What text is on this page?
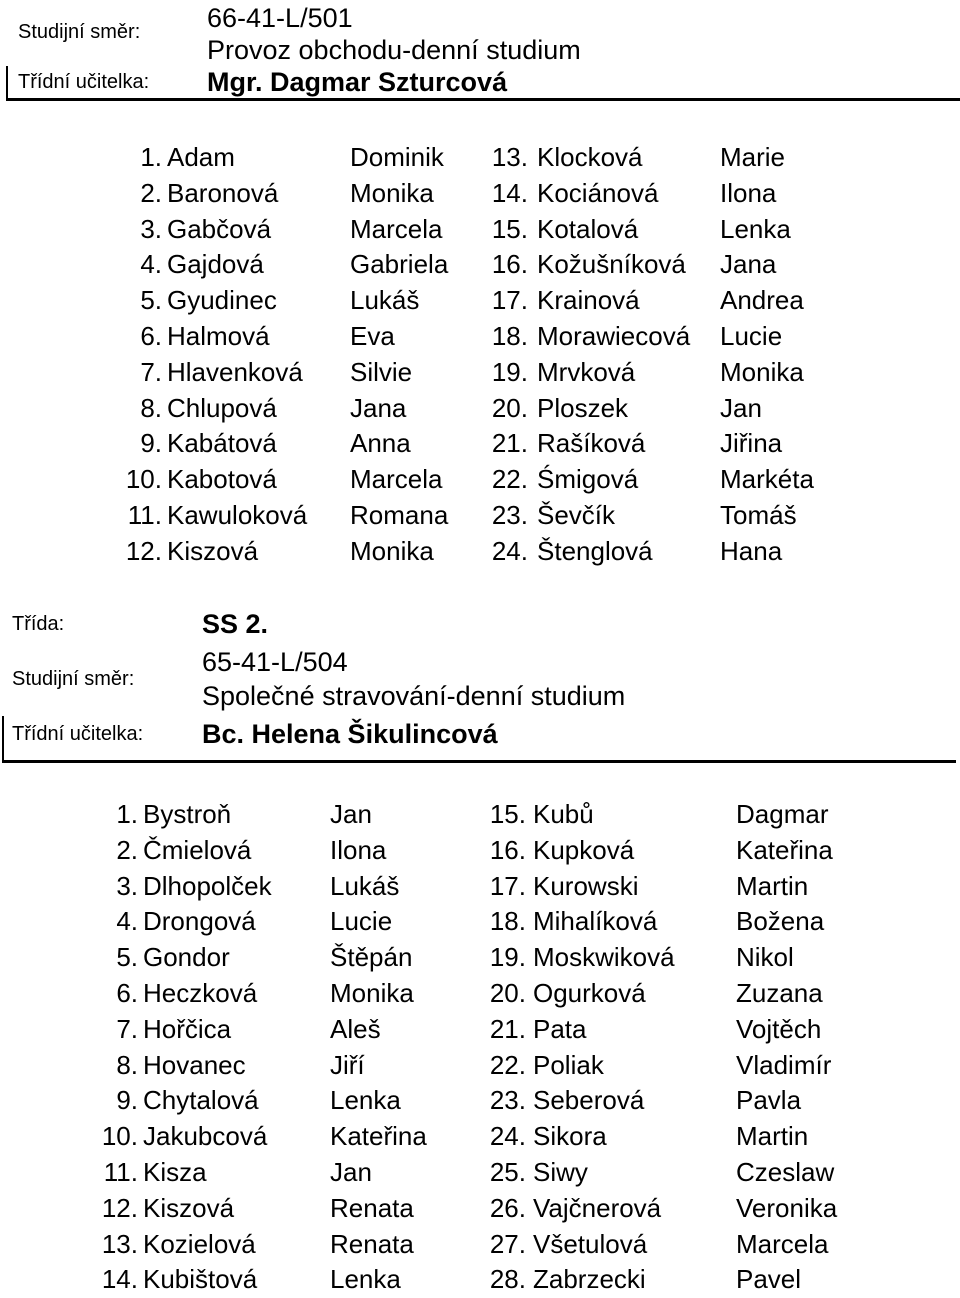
Studijní směr: 66-41-L/501
Provoz obchodu-denní studium
Třídní učitelka: Mgr. Dagmar Szturcová
1. Adam	Dominik
2. Baronová	Monika
3. Gabčová	Marcela
4. Gajdová	Gabriela
5. Gyudinec	Lukáš
6. Halmová	Eva
7. Hlavenková Silvie
8. Chlupová	Jana
9. Kabátová	Anna
10. Kabotová	Marcela
11. Kawuloková Romana
12. Kiszová	Monika
13. Klocková	Marie
14. Kociánová Ilona
15. Kotalová	Lenka
16. Kožušníková Jana
17. Krainová	Andrea
18. Morawiecová Lucie
19. Mrvková	Monika
20. Ploszek	Jan
21. Rašíková	Jiřina
22. Śmigová	Markéta
23. Ševčík	Tomáš
24. Štenglová	Hana
Třída:	SS 2.
Studijní směr:
65-41-L/504
Společné stravování-denní studium
Třídní učitelka: Bc. Helena Šikulincová
1. Bystroň	Jan
2. Čmielová	Ilona
3. Dlhopolček Lukáš
4. Drongová	Lucie
5. Gondor	Štěpán
6. Heczková	Monika
7. Hořčica	Aleš
8. Hovanec	Jiří
9. Chytalová	Lenka
10. Jakubcová Kateřina
11. Kisza	Jan
12. Kiszová	Renata
13. Kozielová	Renata
14. Kubištová	Lenka
15. Kubů	Dagmar
16. Kupková	Kateřina
17. Kurowski	Martin
18. Mihalíková	Božena
19. Moskwiková Nikol
20. Ogurková	Zuzana
21. Pata	Vojtěch
22. Poliak	Vladimír
23. Seberová	Pavla
24. Sikora	Martin
25. Siwy	Czeslaw
26. Vajčnerová	Veronika
27. Všetulová	Marcela
28. Zabrzecki	Pavel
